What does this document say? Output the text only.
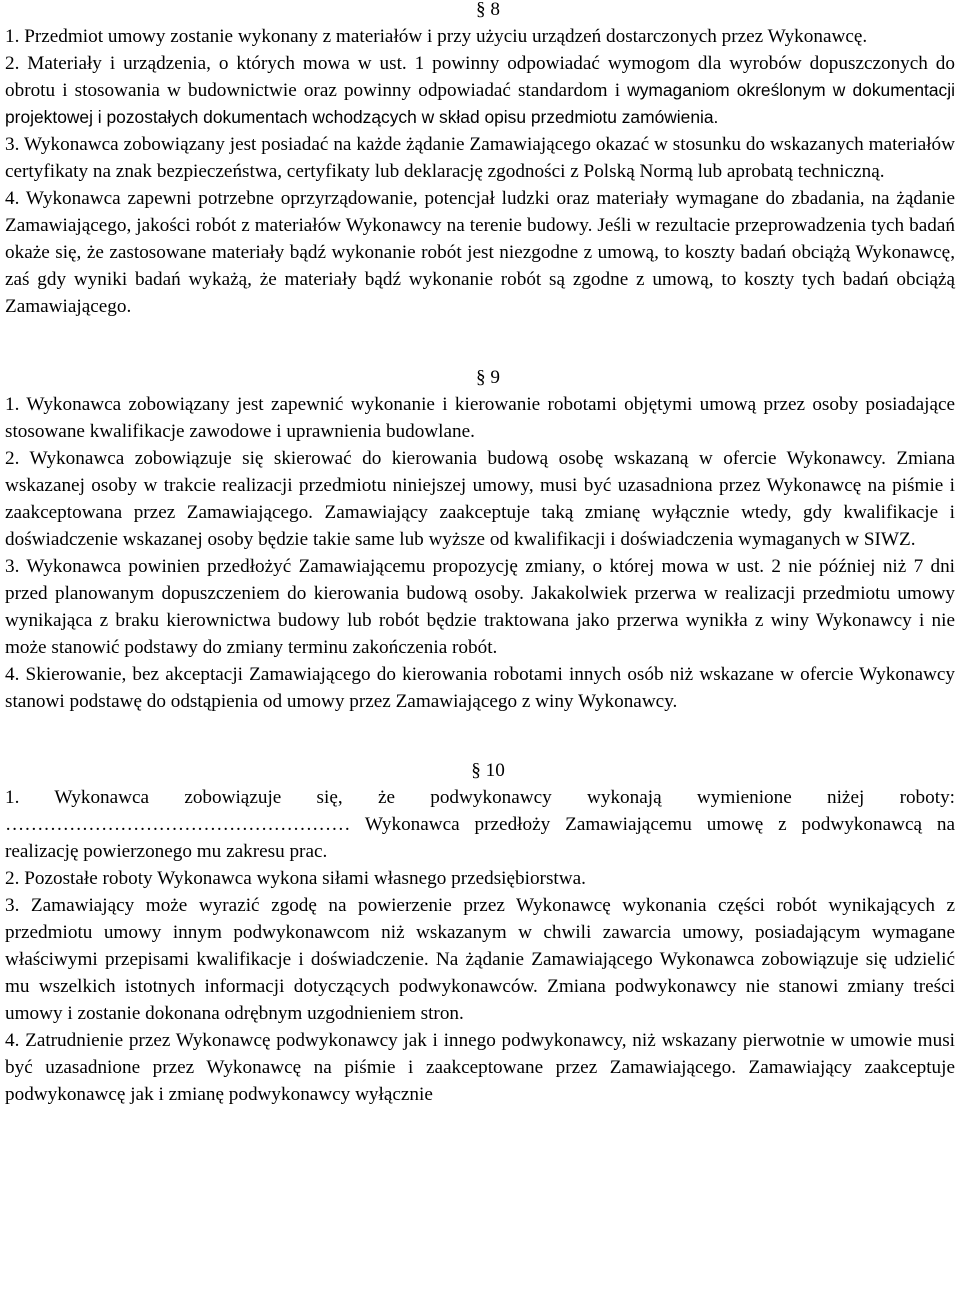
§ 8

1. Przedmiot umowy zostanie wykonany z materiałów i przy użyciu urządzeń dostarczonych przez Wykonawcę.

2. Materiały i urządzenia, o których mowa w ust. 1 powinny odpowiadać wymogom dla wyrobów dopuszczonych do obrotu i stosowania w budownictwie oraz powinny odpowiadać standardom i wymaganiom określonym w dokumentacji projektowej i pozostałych dokumentach wchodzących w skład opisu przedmiotu zamówienia.

3. Wykonawca zobowiązany jest posiadać na każde żądanie Zamawiającego okazać w stosunku do wskazanych materiałów certyfikaty na znak bezpieczeństwa, certyfikaty lub deklarację zgodności z Polską Normą lub aprobatą techniczną.

4. Wykonawca zapewni potrzebne oprzyrządowanie, potencjał ludzki oraz materiały wymagane do zbadania, na żądanie Zamawiającego, jakości robót z materiałów Wykonawcy na terenie budowy. Jeśli w rezultacie przeprowadzenia tych badań okaże się, że zastosowane materiały bądź wykonanie robót jest niezgodne z umową, to koszty badań obciążą Wykonawcę, zaś gdy wyniki badań wykażą, że materiały bądź wykonanie robót są zgodne z umową, to koszty tych badań obciążą Zamawiającego.

§ 9

1. Wykonawca zobowiązany jest zapewnić wykonanie i kierowanie robotami objętymi umową przez osoby posiadające stosowane kwalifikacje zawodowe i uprawnienia budowlane.

2. Wykonawca zobowiązuje się skierować do kierowania budową osobę wskazaną w ofercie Wykonawcy. Zmiana wskazanej osoby w trakcie realizacji przedmiotu niniejszej umowy, musi być uzasadniona przez Wykonawcę na piśmie i zaakceptowana przez Zamawiającego. Zamawiający zaakceptuje taką zmianę wyłącznie wtedy, gdy kwalifikacje i doświadczenie wskazanej osoby będzie takie same lub wyższe od kwalifikacji i doświadczenia wymaganych w SIWZ.

3. Wykonawca powinien przedłożyć Zamawiającemu propozycję zmiany, o której mowa w ust. 2 nie później niż 7 dni przed planowanym dopuszczeniem do kierowania budową osoby. Jakakolwiek przerwa w realizacji przedmiotu umowy wynikająca z braku kierownictwa budowy lub robót będzie traktowana jako przerwa wynikła z winy Wykonawcy i nie może stanowić podstawy do zmiany terminu zakończenia robót.

4. Skierowanie, bez akceptacji Zamawiającego do kierowania robotami innych osób niż wskazane w ofercie Wykonawcy stanowi podstawę do odstąpienia od umowy przez Zamawiającego z winy Wykonawcy.

§ 10

1. Wykonawca zobowiązuje się, że podwykonawcy wykonają wymienione niżej roboty: ……………………………………………… Wykonawca przedłoży Zamawiającemu umowę z podwykonawcą na realizację powierzonego mu zakresu prac.

2. Pozostałe roboty Wykonawca wykona siłami własnego przedsiębiorstwa.

3. Zamawiający może wyrazić zgodę na powierzenie przez Wykonawcę wykonania części robót wynikających z przedmiotu umowy innym podwykonawcom niż wskazanym w chwili zawarcia umowy, posiadającym wymagane właściwymi przepisami kwalifikacje i doświadczenie. Na żądanie Zamawiającego Wykonawca zobowiązuje się udzielić mu wszelkich istotnych informacji dotyczących podwykonawców. Zmiana podwykonawcy nie stanowi zmiany treści umowy i zostanie dokonana odrębnym uzgodnieniem stron.

4. Zatrudnienie przez Wykonawcę podwykonawcy jak i innego podwykonawcy, niż wskazany pierwotnie w umowie musi być uzasadnione przez Wykonawcę na piśmie i zaakceptowane przez Zamawiającego. Zamawiający zaakceptuje podwykonawcę jak i zmianę podwykonawcy wyłącznie
